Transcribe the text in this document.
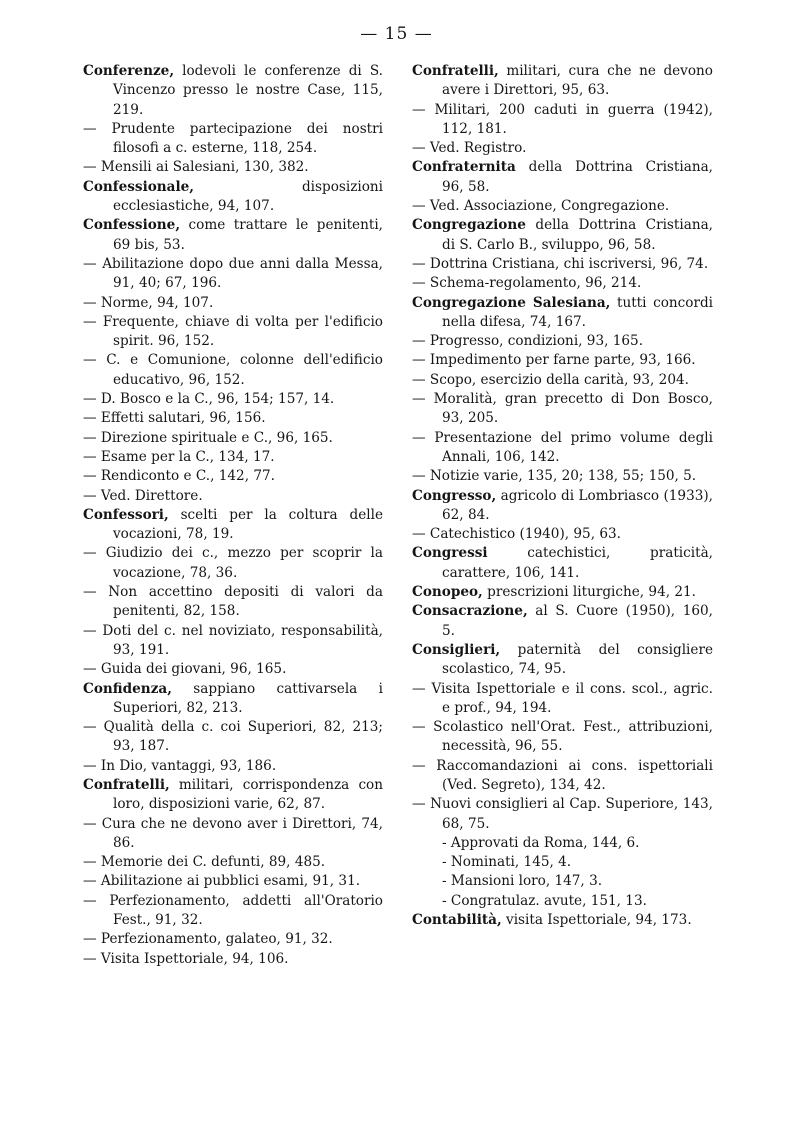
— 15 —
Conferenze, lodevoli le conferenze di S. Vincenzo presso le nostre Case, 115, 219.
— Prudente partecipazione dei nostri filosofi a c. esterne, 118, 254.
— Mensili ai Salesiani, 130, 382.
Confessionale, disposizioni ecclesiastiche, 94, 107.
Confessione, come trattare le penitenti, 69 bis, 53.
— Abilitazione dopo due anni dalla Messa, 91, 40; 67, 196.
— Norme, 94, 107.
— Frequente, chiave di volta per l'edificio spirit. 96, 152.
— C. e Comunione, colonne dell'edificio educativo, 96, 152.
— D. Bosco e la C., 96, 154; 157, 14.
— Effetti salutari, 96, 156.
— Direzione spirituale e C., 96, 165.
— Esame per la C., 134, 17.
— Rendiconto e C., 142, 77.
— Ved. Direttore.
Confessori, scelti per la coltura delle vocazioni, 78, 19.
— Giudizio dei c., mezzo per scoprir la vocazione, 78, 36.
— Non accettino depositi di valori da penitenti, 82, 158.
— Doti del c. nel noviziato, responsabilità, 93, 191.
— Guida dei giovani, 96, 165.
Confidenza, sappiano cattivarsela i Superiori, 82, 213.
— Qualità della c. coi Superiori, 82, 213; 93, 187.
— In Dio, vantaggi, 93, 186.
Confratelli, militari, corrispondenza con loro, disposizioni varie, 62, 87.
— Cura che ne devono aver i Direttori, 74, 86.
— Memorie dei C. defunti, 89, 485.
— Abilitazione ai pubblici esami, 91, 31.
— Perfezionamento, addetti all'Oratorio Fest., 91, 32.
— Perfezionamento, galateo, 91, 32.
— Visita Ispettoriale, 94, 106.
Confratelli, militari, cura che ne devono avere i Direttori, 95, 63.
— Militari, 200 caduti in guerra (1942), 112, 181.
— Ved. Registro.
Confraternita della Dottrina Cristiana, 96, 58.
— Ved. Associazione, Congregazione.
Congregazione della Dottrina Cristiana, di S. Carlo B., sviluppo, 96, 58.
— Dottrina Cristiana, chi iscriversi, 96, 74.
— Schema-regolamento, 96, 214.
Congregazione Salesiana, tutti concordi nella difesa, 74, 167.
— Progresso, condizioni, 93, 165.
— Impedimento per farne parte, 93, 166.
— Scopo, esercizio della carità, 93, 204.
— Moralità, gran precetto di Don Bosco, 93, 205.
— Presentazione del primo volume degli Annali, 106, 142.
— Notizie varie, 135, 20; 138, 55; 150, 5.
Congresso, agricolo di Lombriasco (1933), 62, 84.
— Catechistico (1940), 95, 63.
Congressi catechistici, praticità, carattere, 106, 141.
Conopeo, prescrizioni liturgiche, 94, 21.
Consacrazione, al S. Cuore (1950), 160, 5.
Consiglieri, paternità del consigliere scolastico, 74, 95.
— Visita Ispettoriale e il cons. scol., agric. e prof., 94, 194.
— Scolastico nell'Orat. Fest., attribuzioni, necessità, 96, 55.
— Raccomandazioni ai cons. ispettoriali (Ved. Segreto), 134, 42.
— Nuovi consiglieri al Cap. Superiore, 143, 68, 75.
- Approvati da Roma, 144, 6.
- Nominati, 145, 4.
- Mansioni loro, 147, 3.
- Congratulaz. avute, 151, 13.
Contabilità, visita Ispettoriale, 94, 173.
